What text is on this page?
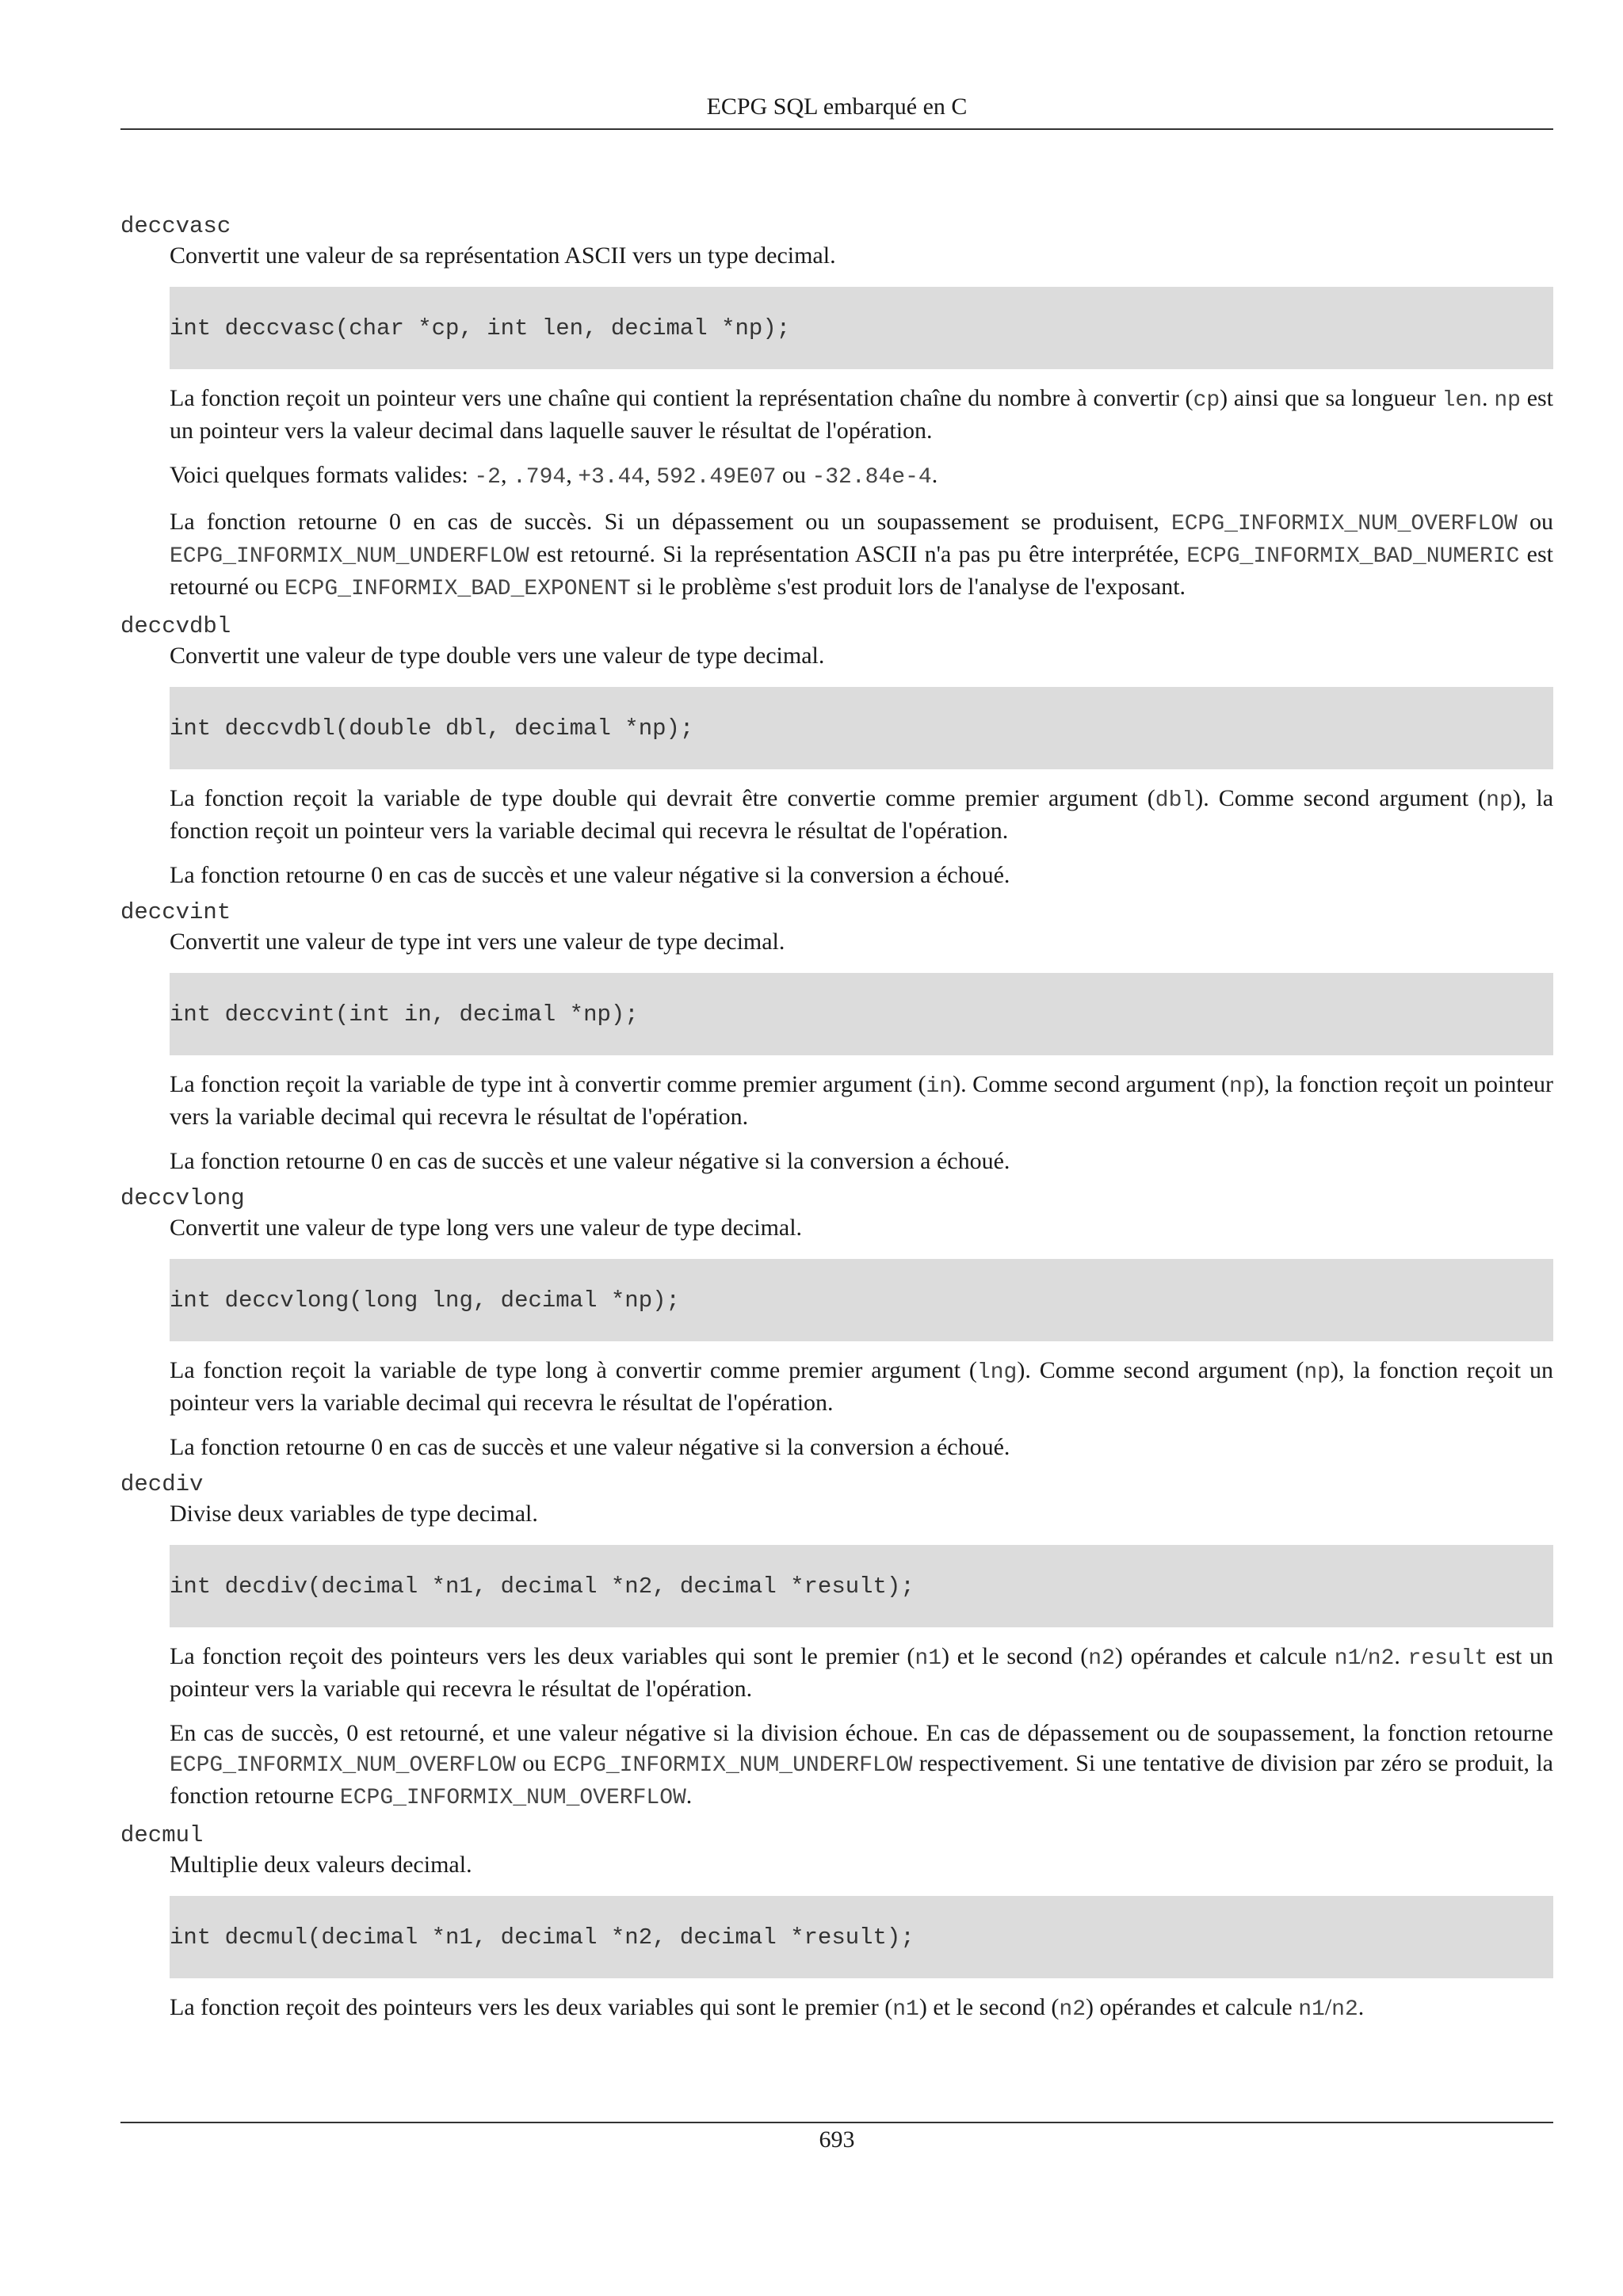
ECPG SQL embarqué en C

deccvasc

Convertit une valeur de sa représentation ASCII vers un type decimal.

int deccvasc(char *cp, int len, decimal *np);

La fonction reçoit un pointeur vers une chaîne qui contient la représentation chaîne du nombre à convertir (cp) ainsi que sa longueur len. np est un pointeur vers la valeur decimal dans laquelle sauver le résultat de l'opération.

Voici quelques formats valides: -2, .794, +3.44, 592.49E07 ou -32.84e-4.

La fonction retourne 0 en cas de succès. Si un dépassement ou un soupassement se produisent, ECPG_INFORMIX_NUM_OVERFLOW ou ECPG_INFORMIX_NUM_UNDERFLOW est retourné. Si la représentation ASCII n'a pas pu être interprétée, ECPG_INFORMIX_BAD_NUMERIC est retourné ou ECPG_INFORMIX_BAD_EXPONENT si le problème s'est produit lors de l'analyse de l'exposant.

deccvdbl

Convertit une valeur de type double vers une valeur de type decimal.

int deccvdbl(double dbl, decimal *np);

La fonction reçoit la variable de type double qui devrait être convertie comme premier argument (dbl). Comme second argument (np), la fonction reçoit un pointeur vers la variable decimal qui recevra le résultat de l'opération.

La fonction retourne 0 en cas de succès et une valeur négative si la conversion a échoué.

deccvint

Convertit une valeur de type int vers une valeur de type decimal.

int deccvint(int in, decimal *np);

La fonction reçoit la variable de type int à convertir comme premier argument (in). Comme second argument (np), la fonction reçoit un pointeur vers la variable decimal qui recevra le résultat de l'opération.

La fonction retourne 0 en cas de succès et une valeur négative si la conversion a échoué.

deccvlong

Convertit une valeur de type long vers une valeur de type decimal.

int deccvlong(long lng, decimal *np);

La fonction reçoit la variable de type long à convertir comme premier argument (lng). Comme second argument (np), la fonction reçoit un pointeur vers la variable decimal qui recevra le résultat de l'opération.

La fonction retourne 0 en cas de succès et une valeur négative si la conversion a échoué.

decdiv

Divise deux variables de type decimal.

int decdiv(decimal *n1, decimal *n2, decimal *result);

La fonction reçoit des pointeurs vers les deux variables qui sont le premier (n1) et le second (n2) opérandes et calcule n1/n2. result est un pointeur vers la variable qui recevra le résultat de l'opération.

En cas de succès, 0 est retourné, et une valeur négative si la division échoue. En cas de dépassement ou de soupassement, la fonction retourne ECPG_INFORMIX_NUM_OVERFLOW ou ECPG_INFORMIX_NUM_UNDERFLOW respectivement. Si une tentative de division par zéro se produit, la fonction retourne ECPG_INFORMIX_NUM_OVERFLOW.

decmul

Multiplie deux valeurs decimal.

int decmul(decimal *n1, decimal *n2, decimal *result);

La fonction reçoit des pointeurs vers les deux variables qui sont le premier (n1) et le second (n2) opérandes et calcule n1/n2.

693
